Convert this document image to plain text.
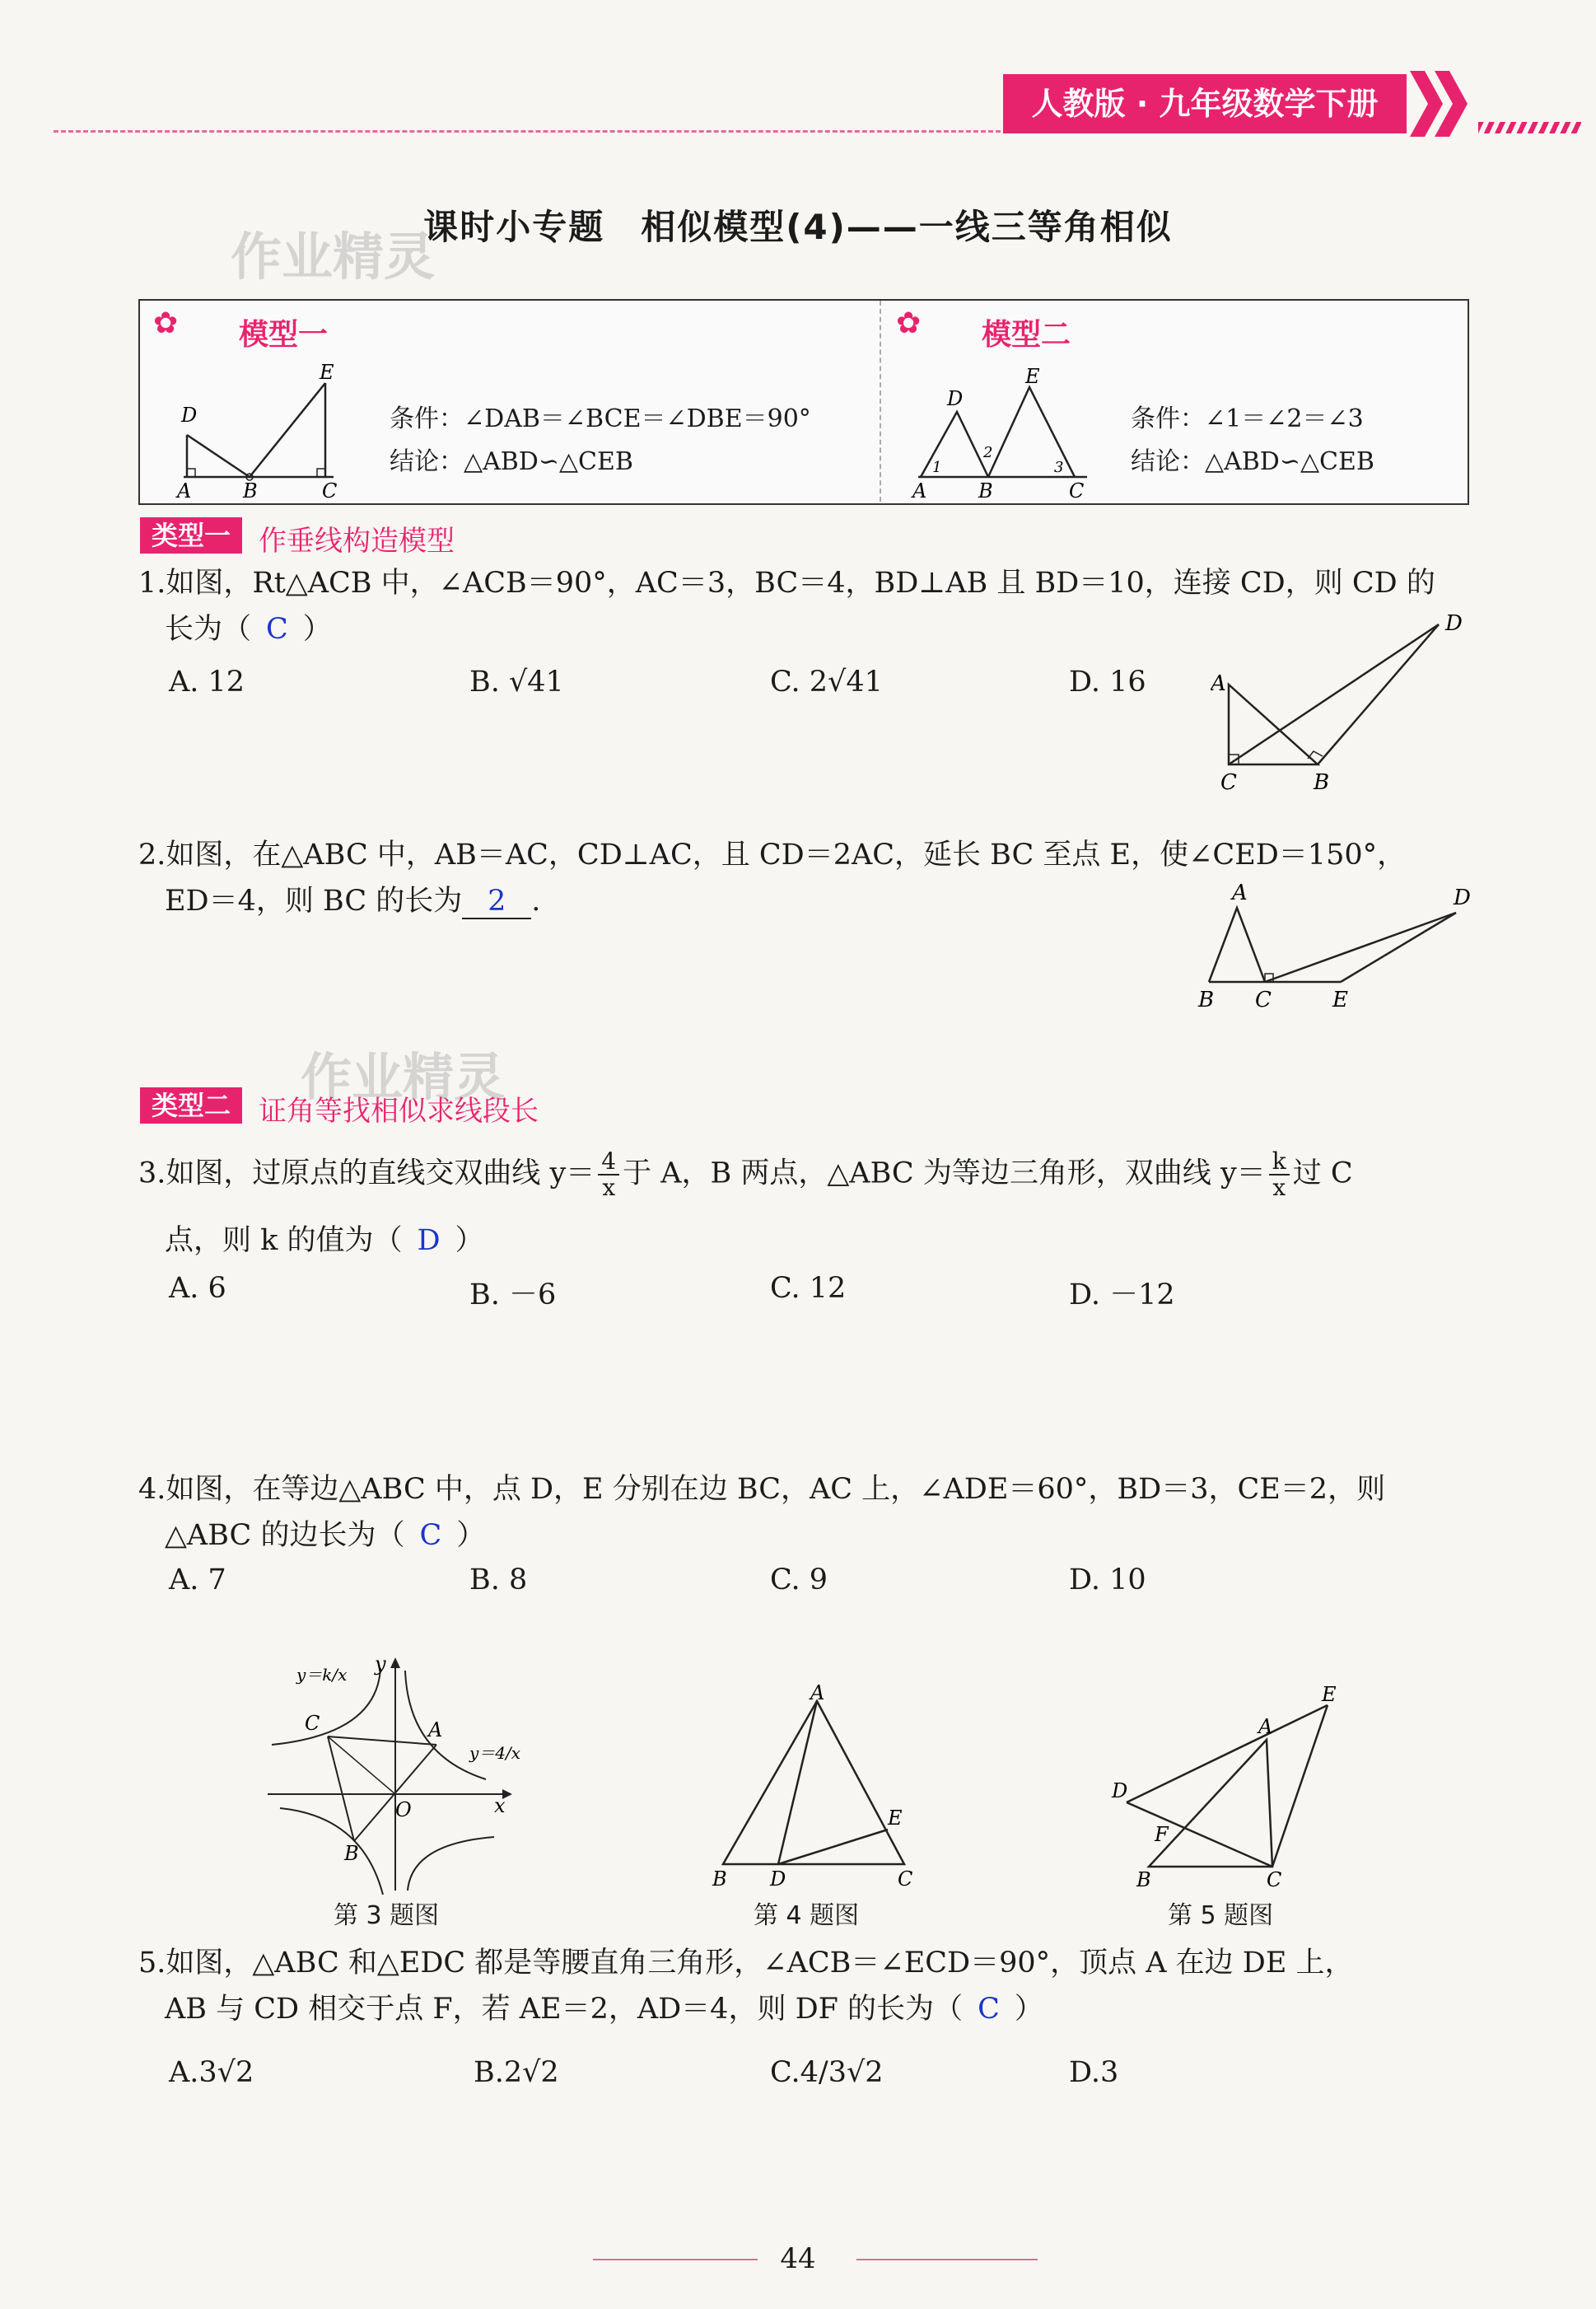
人教版 · 九年级数学下册
课时小专题　相似模型(4)——一线三等角相似
作业精灵
✿ 模型一
E
D
A	B	C
条件：∠DAB＝∠BCE＝∠DBE＝90°
结论：△ABD∽△CEB
✿ 模型二
E
D
A	B	C
1
2
3
条件：∠1＝∠2＝∠3
结论：△ABD∽△CEB
类型一 作垂线构造模型
1.如图，Rt△ACB 中，∠ACB＝90°，AC＝3，BC＝4，BD⊥AB 且 BD＝10，连接 CD，则 CD 的
长为（ C ）
A. 12	B. √41	C. 2√41	D. 16
D
A
C	B
2.如图，在△ABC 中，AB＝AC，CD⊥AC，且 CD＝2AC，延长 BC 至点 E，使∠CED＝150°，
ED＝4，则 BC 的长为 2 .	A	D
B C	E
作业精灵
类型二 证角等找相似求线段长
3.如图，过原点的直线交双曲线 $y= \frac{4}{x}$ 于 A，B 两点，△ABC 为等边三角形，双曲线 $y= \frac{k}{x}$ 过 C
点，则 k 的值为（ D ）
A. 6	B. －6	C. 12	D. －12
4.如图，在等边△ABC 中，点 D，E 分别在边 BC，AC 上，∠ADE＝60°，BD＝3，CE＝2，则
△ABC 的边长为（ C ）
A. 7	B. 8	C. 9	D. 10
y
C	A
O	x
B
y＝k/x
y＝4/x
第 3 题图
A
E
B D	C
第 4 题图
E
A
D
F
B	C
第 5 题图
5.如图，△ABC 和△EDC 都是等腰直角三角形，∠ACB＝∠ECD＝90°，顶点 A 在边 DE 上，
AB 与 CD 相交于点 F，若 AE＝2，AD＝4，则 DF 的长为（ C ）
A.3√2	B.2√2	C.4/3√2	D.3
44
